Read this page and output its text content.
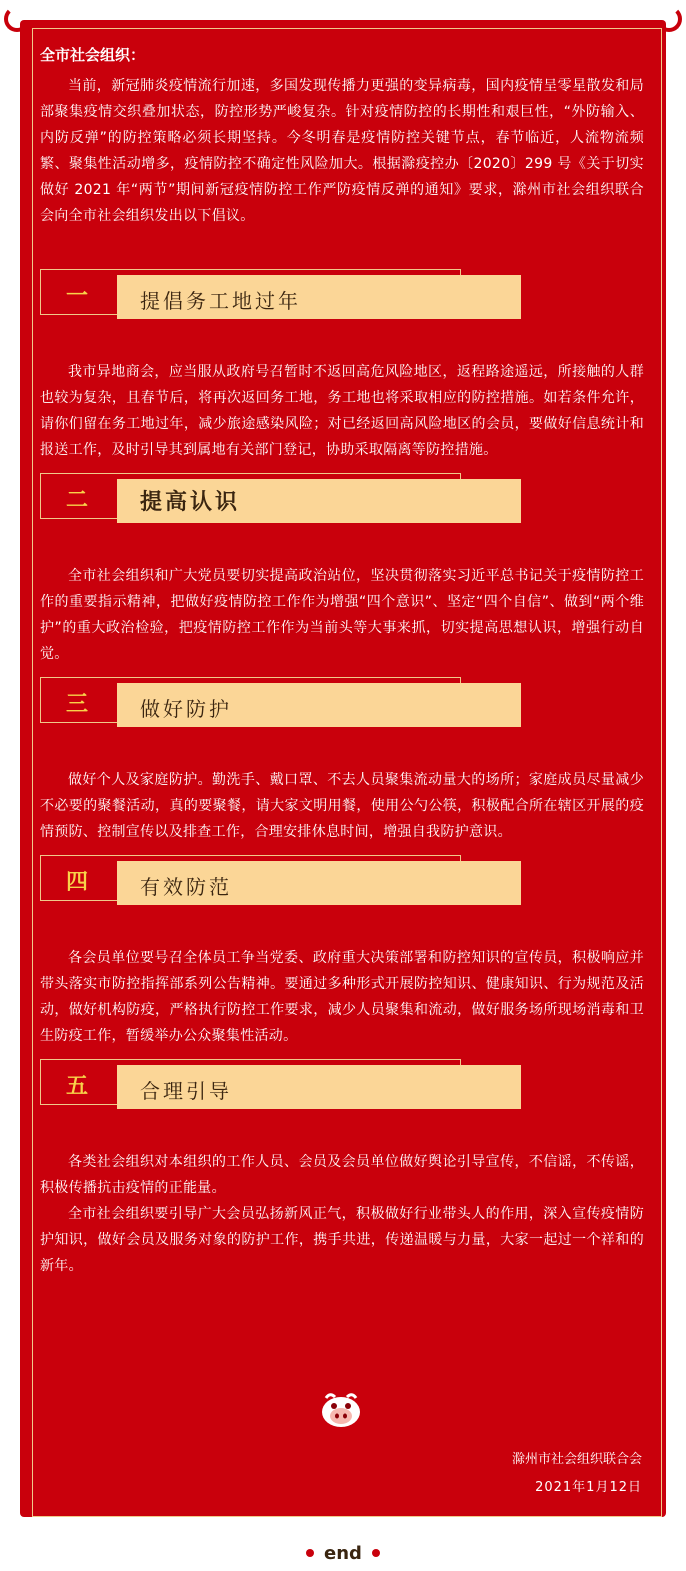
全市社会组织：

当前，新冠肺炎疫情流行加速，多国发现传播力更强的变异病毒，国内疫情呈零星散发和局部聚集疫情交织叠加状态，防控形势严峻复杂。针对疫情防控的长期性和艰巨性，“外防输入、内防反弹”的防控策略必须长期坚持。今冬明春是疫情防控关键节点，春节临近，人流物流频繁、聚集性活动增多，疫情防控不确定性风险加大。根据滁疫控办〔2020〕299 号《关于切实做好 2021 年“两节”期间新冠疫情防控工作严防疫情反弹的通知》要求，滁州市社会组织联合会向全市社会组织发出以下倡议。

一	提倡务工地过年

我市异地商会，应当服从政府号召暂时不返回高危风险地区，返程路途遥远，所接触的人群也较为复杂，且春节后，将再次返回务工地，务工地也将采取相应的防控措施。如若条件允许，请你们留在务工地过年，减少旅途感染风险；对已经返回高风险地区的会员，要做好信息统计和报送工作，及时引导其到属地有关部门登记，协助采取隔离等防控措施。

二	提高认识

全市社会组织和广大党员要切实提高政治站位，坚决贯彻落实习近平总书记关于疫情防控工作的重要指示精神，把做好疫情防控工作作为增强“四个意识”、坚定“四个自信”、做到“两个维护”的重大政治检验，把疫情防控工作作为当前头等大事来抓，切实提高思想认识，增强行动自觉。

三	做好防护

做好个人及家庭防护。勤洗手、戴口罩、不去人员聚集流动量大的场所；家庭成员尽量减少不必要的聚餐活动，真的要聚餐，请大家文明用餐，使用公勺公筷，积极配合所在辖区开展的疫情预防、控制宣传以及排查工作，合理安排休息时间，增强自我防护意识。

四	有效防范

各会员单位要号召全体员工争当党委、政府重大决策部署和防控知识的宣传员，积极响应并带头落实市防控指挥部系列公告精神。要通过多种形式开展防控知识、健康知识、行为规范及活动，做好机构防疫，严格执行防控工作要求，减少人员聚集和流动，做好服务场所现场消毒和卫生防疫工作，暂缓举办公众聚集性活动。

五	合理引导

各类社会组织对本组织的工作人员、会员及会员单位做好舆论引导宣传，不信谣，不传谣，积极传播抗击疫情的正能量。

全市社会组织要引导广大会员弘扬新风正气，积极做好行业带头人的作用，深入宣传疫情防护知识，做好会员及服务对象的防护工作，携手共进，传递温暖与力量，大家一起过一个祥和的新年。

滁州市社会组织联合会
2021年1月12日
end
